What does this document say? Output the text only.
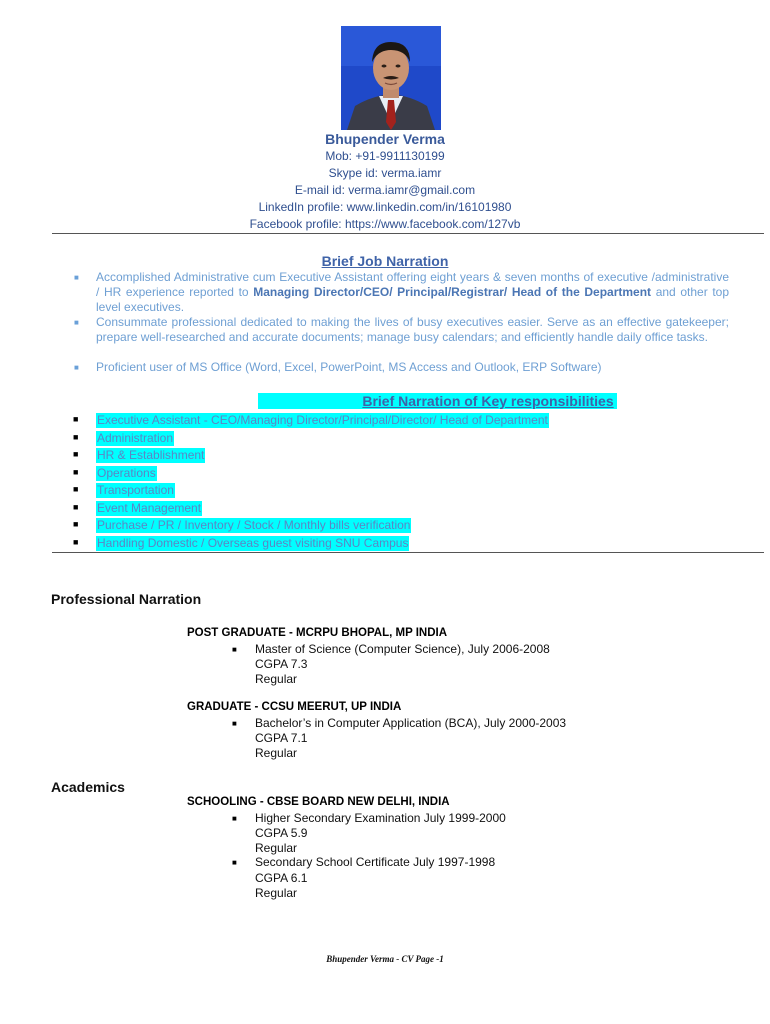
Bhupender Verma
Mob: +91-9911130199
Skype id: verma.iamr
E-mail id: verma.iamr@gmail.com
LinkedIn profile: www.linkedin.com/in/16101980
Facebook profile: https://www.facebook.com/127vb
Brief Job Narration
■ Accomplished Administrative cum Executive Assistant offering eight years & seven months of executive /administrative / HR experience reported to Managing Director/CEO/ Principal/Registrar/ Head of the Department and other top level executives.
■ Consummate professional dedicated to making the lives of busy executives easier. Serve as an effective gatekeeper; prepare well-researched and accurate documents; manage busy calendars; and efficiently handle daily office tasks.
■ Proficient user of MS Office (Word, Excel, PowerPoint, MS Access and Outlook, ERP Software)
Brief Narration of Key responsibilities
■ Executive Assistant - CEO/Managing Director/Principal/Director/ Head of Department
■ Administration
■ HR & Establishment
■ Operations
■ Transportation
■ Event Management
■ Purchase / PR / Inventory / Stock / Monthly bills verification
■ Handling Domestic / Overseas guest visiting SNU Campus
Professional Narration
POST GRADUATE - MCRPU BHOPAL, MP INDIA
■ Master of Science (Computer Science), July 2006-2008
CGPA 7.3
Regular
GRADUATE - CCSU MEERUT, UP INDIA
■ Bachelor’s in Computer Application (BCA), July 2000-2003
CGPA 7.1
Regular
Academics
SCHOOLING - CBSE BOARD NEW DELHI, INDIA
■ Higher Secondary Examination July 1999-2000
CGPA 5.9
Regular
■ Secondary School Certificate July 1997-1998
CGPA 6.1
Regular
Bhupender Verma - CV Page -1
